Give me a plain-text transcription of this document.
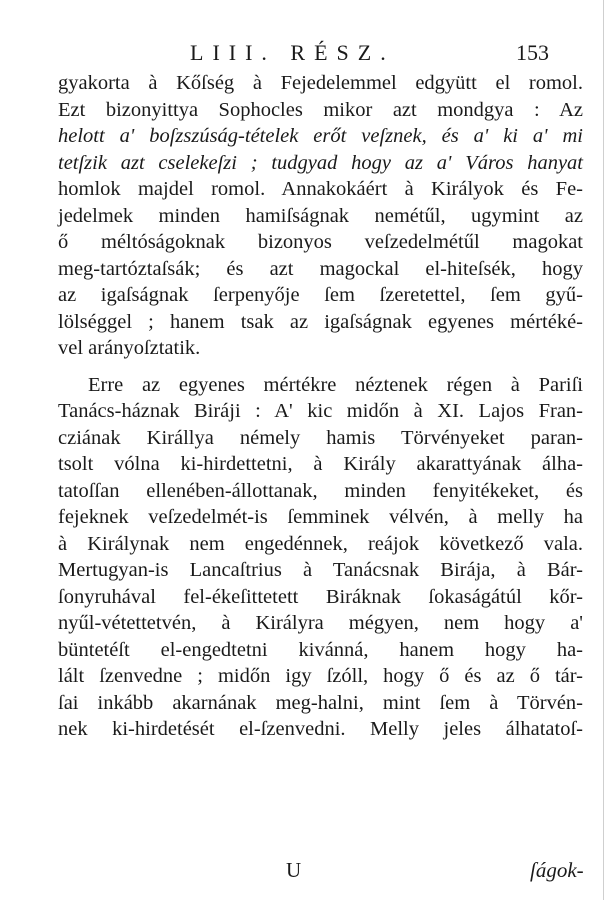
LIII. RÉSZ.	153
gyakorta à Kőſség à Fejedelemmel edgyütt el romol.
Ezt bizonyittya Sophocles mikor azt mondgya : Az
helott a' boſzszúság-tételek erőt veſznek, és a' ki a' mi
tetſzik azt cselekeſzi ; tudgyad hogy az a' Város hanyat
homlok majdel romol. Annakokáért à Királyok és Fe-
jedelmek minden hamiſságnak nemétűl, ugymint az
ő méltóságoknak bizonyos veſzedelmétűl magokat
meg-tartóztaſsák; és azt magockal el-hiteſsék, hogy
az igaſságnak ſerpenyője ſem ſzeretettel, ſem gyű-
lölséggel ; hanem tsak az igaſságnak egyenes mértéké-
vel arányoſztatik.
Erre az egyenes mértékre néztenek régen à Pariſi
Tanács-háznak Biráji : A' kic midőn à XI. Lajos Fran-
cziának Királlya némely hamis Törvényeket paran-
tsolt vólna ki-hirdettetni, à Király akarattyának álha-
tatoſſan ellenében-állottanak, minden fenyitékeket, és
fejeknek veſzedelmét-is ſemminek vélvén, à melly ha
à Királynak nem engedénnek, reájok következő vala.
Mertugyan-is Lancaſtrius à Tanácsnak Birája, à Bár-
ſonyruhával fel-ékeſittetett Biráknak ſokaságátúl kőr-
nyűl-vétettetvén, à Királyra mégyen, nem hogy a'
büntetéſt el-engedtetni kivánná, hanem hogy ha-
lált ſzenvedne ; midőn igy ſzóll, hogy ő és az ő tár-
ſai inkább akarnának meg-halni, mint ſem à Törvén-
nek ki-hirdetését el-ſzenvedni. Melly jeles álhatatoſ-
U	ſágok-
